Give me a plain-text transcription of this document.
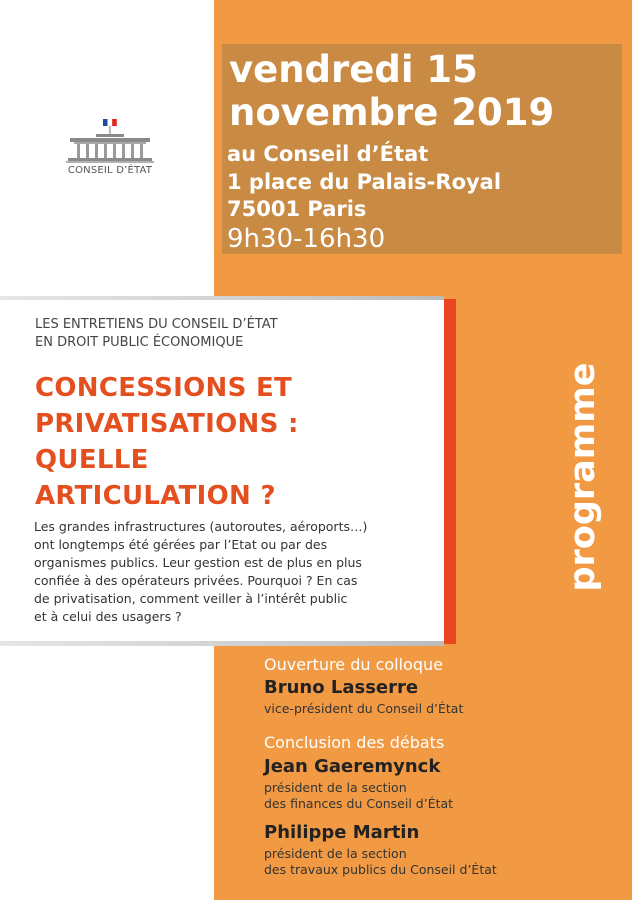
vendredi 15
novembre 2019
au Conseil d’État
1 place du Palais-Royal
75001 Paris
9h30-16h30
CONSEIL D’ÉTAT
LES ENTRETIENS DU CONSEIL D’ÉTAT
EN DROIT PUBLIC ÉCONOMIQUE
CONCESSIONS ET
PRIVATISATIONS :
QUELLE
ARTICULATION ?
Les grandes infrastructures (autoroutes, aéroports…)
ont longtemps été gérées par l’Etat ou par des
organismes publics. Leur gestion est de plus en plus
confiée à des opérateurs privées. Pourquoi ? En cas
de privatisation, comment veiller à l’intérêt public
et à celui des usagers ?
programme
Ouverture du colloque
Bruno Lasserre
vice-président du Conseil d’État
Conclusion des débats
Jean Gaeremynck
président de la section
des finances du Conseil d’État
Philippe Martin
président de la section
des travaux publics du Conseil d’État
